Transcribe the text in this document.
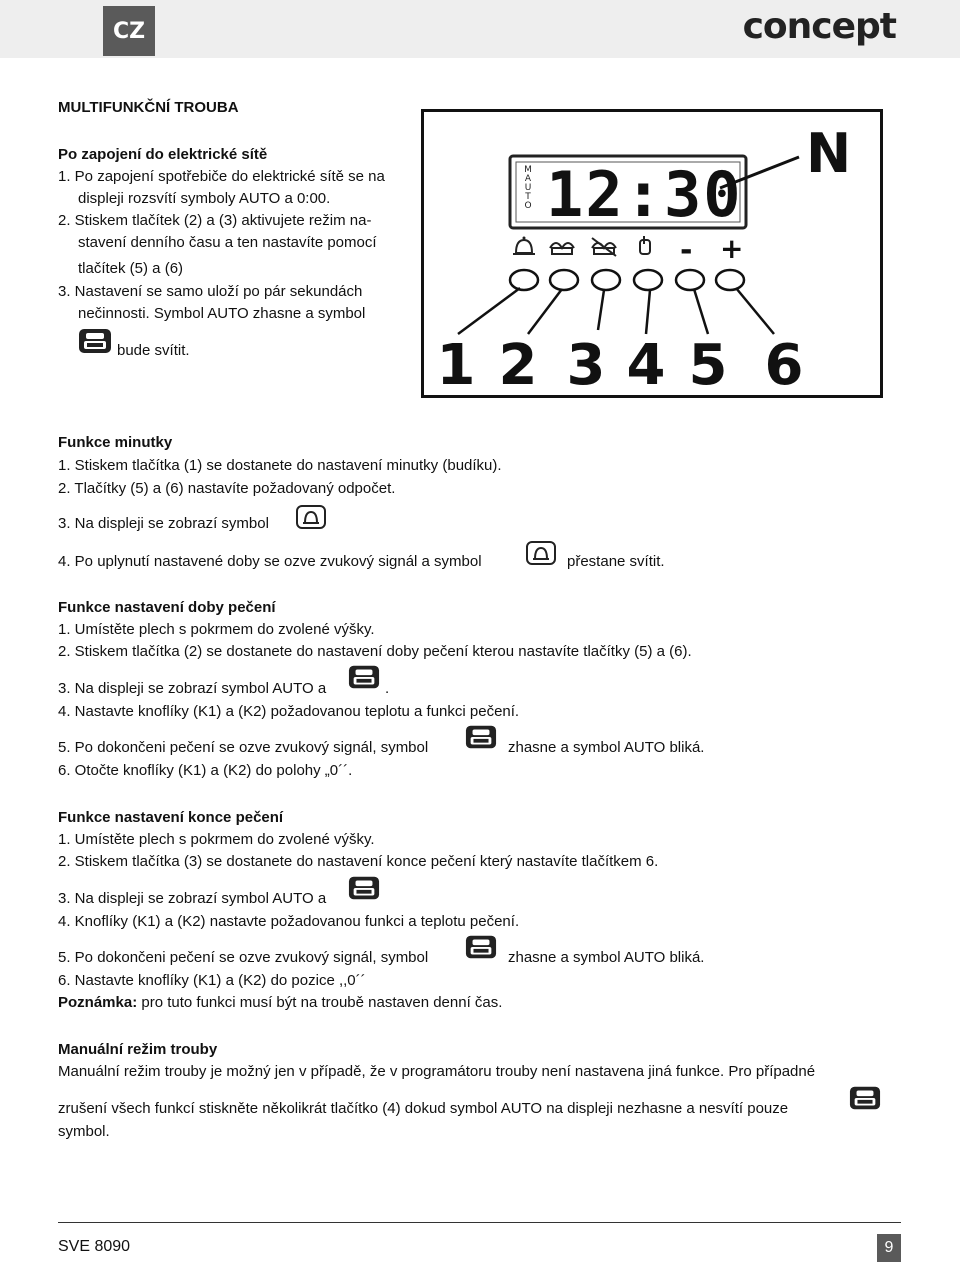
CZ	concept
MULTIFUNKČNÍ TROUBA
Po zapojení do elektrické sítě
1. Po zapojení spotřebiče do elektrické sítě se na
displeji rozsvítí symboly AUTO a 0:00.
2. Stiskem tlačítek (2) a (3) aktivujete režim na-
stavení denního času a ten nastavíte pomocí
tlačítek (5) a (6)
3. Nastavení se samo uloží po pár sekundách
nečinnosti. Symbol AUTO zhasne a symbol
bude svítit.
M A U T O 12:30
N
- +
1 2 3 4 5 6
Funkce minutky
1. Stiskem tlačítka (1) se dostanete do nastavení minutky (budíku).
2. Tlačítky (5) a (6) nastavíte požadovaný odpočet.
3. Na displeji se zobrazí symbol
4. Po uplynutí nastavené doby se ozve zvukový signál a symbol	přestane svítit.
Funkce nastavení doby pečení
1. Umístěte plech s pokrmem do zvolené výšky.
2. Stiskem tlačítka (2) se dostanete do nastavení doby pečení kterou nastavíte tlačítky (5) a (6).
3. Na displeji se zobrazí symbol AUTO a	.
4. Nastavte knoflíky (K1) a (K2) požadovanou teplotu a funkci pečení.
5. Po dokončeni pečení se ozve zvukový signál, symbol	zhasne a symbol AUTO bliká.
6. Otočte knoflíky (K1) a (K2) do polohy „0´´.
Funkce nastavení konce pečení
1. Umístěte plech s pokrmem do zvolené výšky.
2. Stiskem tlačítka (3) se dostanete do nastavení konce pečení který nastavíte tlačítkem 6.
3. Na displeji se zobrazí symbol AUTO a
4. Knoflíky (K1) a (K2) nastavte požadovanou funkci a teplotu pečení.
5. Po dokončeni pečení se ozve zvukový signál, symbol	zhasne a symbol AUTO bliká.
6. Nastavte knoflíky (K1) a (K2) do pozice ,,0´´
Poznámka: pro tuto funkci musí být na troubě nastaven denní čas.
Manuální režim trouby
Manuální režim trouby je možný jen v případě, že v programátoru trouby není nastavena jiná funkce. Pro případné
zrušení všech funkcí stiskněte několikrát tlačítko (4) dokud symbol AUTO na displeji nezhasne a nesvítí pouze
symbol.
SVE 8090	9
